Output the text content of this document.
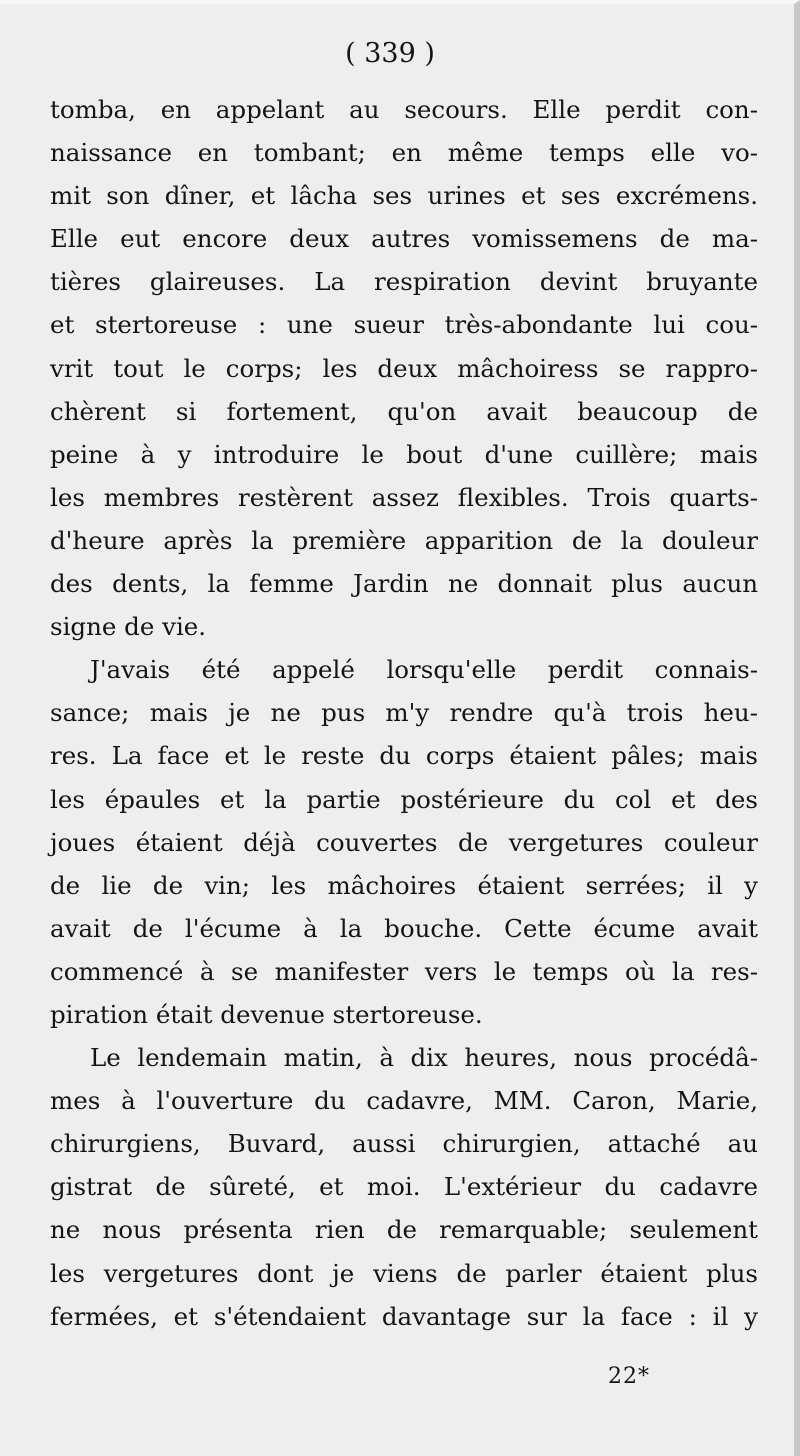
( 339 )
tomba, en appelant au secours. Elle perdit con-
naissance en tombant; en même temps elle vo-
mit son dîner, et lâcha ses urines et ses excrémens.
Elle eut encore deux autres vomissemens de ma-
tières glaireuses. La respiration devint bruyante
et stertoreuse : une sueur très-abondante lui cou-
vrit tout le corps; les deux mâchoiress se rappro-
chèrent si fortement, qu'on avait beaucoup de
peine à y introduire le bout d'une cuillère; mais
les membres restèrent assez flexibles. Trois quarts-
d'heure après la première apparition de la douleur
des dents, la femme Jardin ne donnait plus aucun
signe de vie.
J'avais été appelé lorsqu'elle perdit connais-
sance; mais je ne pus m'y rendre qu'à trois heu-
res. La face et le reste du corps étaient pâles; mais
les épaules et la partie postérieure du col et des
joues étaient déjà couvertes de vergetures couleur
de lie de vin; les mâchoires étaient serrées; il y
avait de l'écume à la bouche. Cette écume avait
commencé à se manifester vers le temps où la res-
piration était devenue stertoreuse.
Le lendemain matin, à dix heures, nous procédâ-
mes à l'ouverture du cadavre, MM. Caron, Marie,
chirurgiens, Buvard, aussi chirurgien, attaché au
gistrat de sûreté, et moi. L'extérieur du cadavre
ne nous présenta rien de remarquable; seulement
les vergetures dont je viens de parler étaient plus
fermées, et s'étendaient davantage sur la face : il y
22*
